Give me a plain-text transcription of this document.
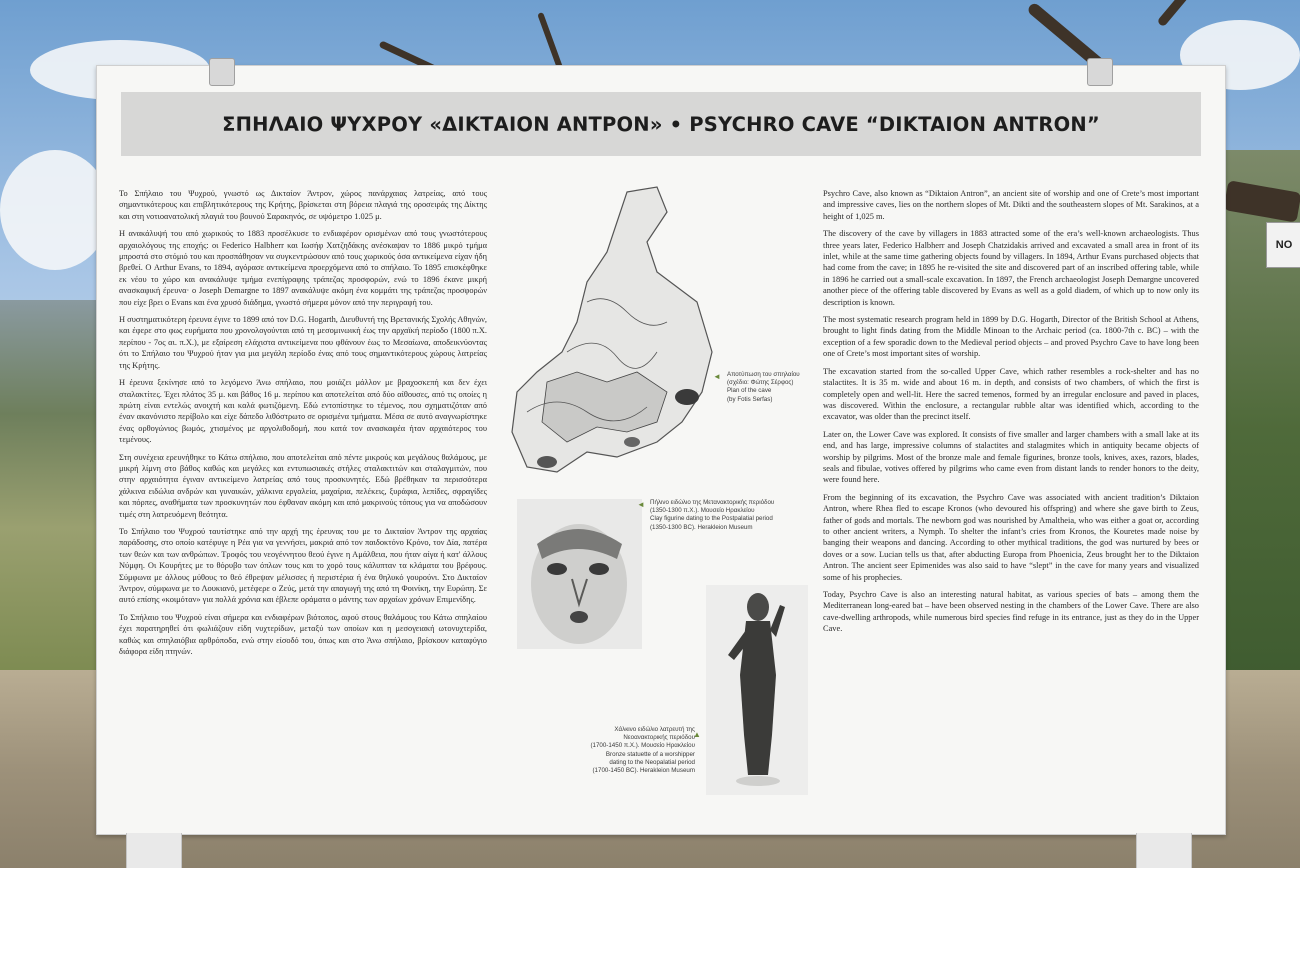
NO
ΣΠΗΛΑΙΟ ΨΥΧΡΟΥ «ΔΙΚΤΑΙΟΝ ΑΝΤΡΟΝ» • PSYCHRO CAVE “DIKTAION ANTRON”

Το Σπήλαιο του Ψυχρού, γνωστό ως Δικταίον Άντρον, χώρος πανάρχαιας λατρείας, από τους σημαντικότερους και επιβλητικότερους της Κρήτης, βρίσκεται στη βόρεια πλαγιά της οροσειράς της Δίκτης και στη νοτιοανατολική πλαγιά του βουνού Σαρακηνός, σε υψόμετρο 1.025 μ.

Η ανακάλυψή του από χωρικούς το 1883 προσέλκυσε το ενδιαφέρον ορισμένων από τους γνωστότερους αρχαιολόγους της εποχής: οι Federico Halbherr και Ιωσήφ Χατζηδάκης ανέσκαψαν το 1886 μικρό τμήμα μπροστά στο στόμιό του και προσπάθησαν να συγκεντρώσουν από τους χωρικούς όσα αντικείμενα είχαν ήδη βρεθεί. Ο Arthur Evans, το 1894, αγόρασε αντικείμενα προερχόμενα από το σπήλαιο. Το 1895 επισκέφθηκε εκ νέου το χώρο και ανακάλυψε τμήμα ενεπίγραφης τράπεζας προσφορών, ενώ το 1896 έκανε μικρή ανασκαφική έρευνα· ο Joseph Demargne το 1897 ανακάλυψε ακόμη ένα κομμάτι της τράπεζας προσφορών που είχε βρει ο Evans και ένα χρυσό διάδημα, γνωστό σήμερα μόνον από την περιγραφή του.

Η συστηματικότερη έρευνα έγινε το 1899 από τον D.G. Hogarth, Διευθυντή της Βρετανικής Σχολής Αθηνών, και έφερε στο φως ευρήματα που χρονολογούνται από τη μεσομινωική έως την αρχαϊκή περίοδο (1800 π.Χ. περίπου - 7ος αι. π.Χ.), με εξαίρεση ελάχιστα αντικείμενα που φθάνουν έως το Μεσαίωνα, αποδεικνύοντας ότι το Σπήλαιο του Ψυχρού ήταν για μια μεγάλη περίοδο ένας από τους σημαντικότερους χώρους λατρείας της Κρήτης.

Η έρευνα ξεκίνησε από το λεγόμενο Άνω σπήλαιο, που μοιάζει μάλλον με βραχοσκεπή και δεν έχει σταλακτίτες. Έχει πλάτος 35 μ. και βάθος 16 μ. περίπου και αποτελείται από δύο αίθουσες, από τις οποίες η πρώτη είναι εντελώς ανοιχτή και καλά φωτιζόμενη. Εδώ εντοπίστηκε το τέμενος, που σχηματιζόταν από έναν ακανόνιστο περίβολο και είχε δάπεδο λιθόστρωτο σε ορισμένα τμήματα. Μέσα σε αυτό αναγνωρίστηκε ένας ορθογώνιος βωμός, χτισμένος με αργολιθοδομή, που κατά τον ανασκαφέα ήταν αρχαιότερος του τεμένους.

Στη συνέχεια ερευνήθηκε το Κάτω σπήλαιο, που αποτελείται από πέντε μικρούς και μεγάλους θαλάμους, με μικρή λίμνη στο βάθος καθώς και μεγάλες και εντυπωσιακές στήλες σταλακτιτών και σταλαγμιτών, που στην αρχαιότητα έγιναν αντικείμενο λατρείας από τους προσκυνητές. Εδώ βρέθηκαν τα περισσότερα χάλκινα ειδώλια ανδρών και γυναικών, χάλκινα εργαλεία, μαχαίρια, πελέκεις, ξυράφια, λεπίδες, σφραγίδες και πόρπες, αναθήματα των προσκυνητών που έφθαναν ακόμη και από μακρινούς τόπους για να αποδώσουν τιμές στη λατρευόμενη θεότητα.

Το Σπήλαιο του Ψυχρού ταυτίστηκε από την αρχή της έρευνας του με το Δικταίον Άντρον της αρχαίας παράδοσης, στο οποίο κατέφυγε η Ρέα για να γεννήσει, μακριά από τον παιδοκτόνο Κρόνο, τον Δία, πατέρα των θεών και των ανθρώπων. Τροφός του νεογέννητου θεού έγινε η Αμάλθεια, που ήταν αίγα ή κατ' άλλους Νύμφη. Οι Κουρήτες με το θόρυβο των όπλων τους και το χορό τους κάλυπταν τα κλάματα του βρέφους. Σύμφωνα με άλλους μύθους το θεό έθρεψαν μέλισσες ή περιστέρια ή ένα θηλυκό γουρούνι. Στο Δικταίον Άντρον, σύμφωνα με το Λουκιανό, μετέφερε ο Ζεύς, μετά την απαγωγή της από τη Φοινίκη, την Ευρώπη. Σε αυτό επίσης «κοιμόταν» για πολλά χρόνια και έβλεπε οράματα ο μάντης των αρχαίων χρόνων Επιμενίδης.

Το Σπήλαιο του Ψυχρού είναι σήμερα και ενδιαφέρων βιότοπος, αφού στους θαλάμους του Κάτω σπηλαίου έχει παρατηρηθεί ότι φωλιάζουν είδη νυχτερίδων, μεταξύ των οποίων και η μεσογειακή ωτονυχτερίδα, καθώς και σπηλαιόβια αρθρόποδα, ενώ στην είσοδό του, όπως και στο Άνω σπήλαιο, βρίσκουν καταφύγιο διάφορα είδη πτηνών.

◄ Αποτύπωση του σπηλαίου
(σχέδιο: Φώτης Σέρφος)
Plan of the cave
(by Fotis Serfas)
◄ Πήλινο ειδώλιο της Μετανακτορικής περιόδου
(1350-1300 π.Χ.). Μουσείο Ηρακλείου
Clay figurine dating to the Postpalatial period
(1350-1300 BC). Herakleion Museum
▲
Χάλκινο ειδώλιο λατρευτή της
Νεοανακτορικής περιόδου
(1700-1450 π.Χ.). Μουσείο Ηρακλείου
Bronze statuette of a worshipper
dating to the Neopalatial period
(1700-1450 BC). Herakleion Museum

Psychro Cave, also known as “Diktaion Antron”, an ancient site of worship and one of Crete’s most important and impressive caves, lies on the northern slopes of Mt. Dikti and the southeastern slopes of Mt. Sarakinos, at a height of 1,025 m.

The discovery of the cave by villagers in 1883 attracted some of the era’s well-known archaeologists. Thus three years later, Federico Halbherr and Joseph Chatzidakis arrived and excavated a small area in front of its inlet, while at the same time gathering objects found by villagers. In 1894, Arthur Evans purchased objects that had come from the cave; in 1895 he re-visited the site and discovered part of an inscribed offering table, while in 1896 he carried out a small-scale excavation. In 1897, the French archaeologist Joseph Demargne uncovered another piece of the offering table discovered by Evans as well as a gold diadem, of which up to now only its description is known.

The most systematic research program held in 1899 by D.G. Hogarth, Director of the British School at Athens, brought to light finds dating from the Middle Minoan to the Archaic period (ca. 1800-7th c. BC) – with the exception of a few sporadic down to the Medieval period objects – and proved Psychro Cave to have long been one of Crete’s most important sites of worship.

The excavation started from the so-called Upper Cave, which rather resembles a rock-shelter and has no stalactites. It is 35 m. wide and about 16 m. in depth, and consists of two chambers, of which the first is completely open and well-lit. Here the sacred temenos, formed by an irregular enclosure and paved in places, was discovered. Within the enclosure, a rectangular rubble altar was identified which, according to the excavator, was older than the precinct itself.

Later on, the Lower Cave was explored. It consists of five smaller and larger chambers with a small lake at its end, and has large, impressive columns of stalactites and stalagmites which in antiquity became objects of worship by pilgrims. Most of the bronze male and female figurines, bronze tools, knives, axes, razors, blades, seals and fibulae, votives offered by pilgrims who came even from distant lands to render honors to the deity, were found here.

From the beginning of its excavation, the Psychro Cave was associated with ancient tradition’s Diktaion Antron, where Rhea fled to escape Kronos (who devoured his offspring) and where she gave birth to Zeus, father of gods and mortals. The newborn god was nourished by Amaltheia, who was either a goat or, according to other ancient writers, a Nymph. To shelter the infant’s cries from Kronos, the Kouretes made noise by banging their weapons and dancing. According to other mythical traditions, the god was nurtured by bees or doves or a sow. Lucian tells us that, after abducting Europa from Phoenicia, Zeus brought her to the Diktaion Antron. The ancient seer Epimenides was also said to have “slept” in the cave for many years and visualized some of his prophecies.

Today, Psychro Cave is also an interesting natural habitat, as various species of bats – among them the Mediterranean long-eared bat – have been observed nesting in the chambers of the Lower Cave. There are also cave-dwelling arthropods, while numerous bird species find refuge in its entrance, just as they do in the Upper Cave.
